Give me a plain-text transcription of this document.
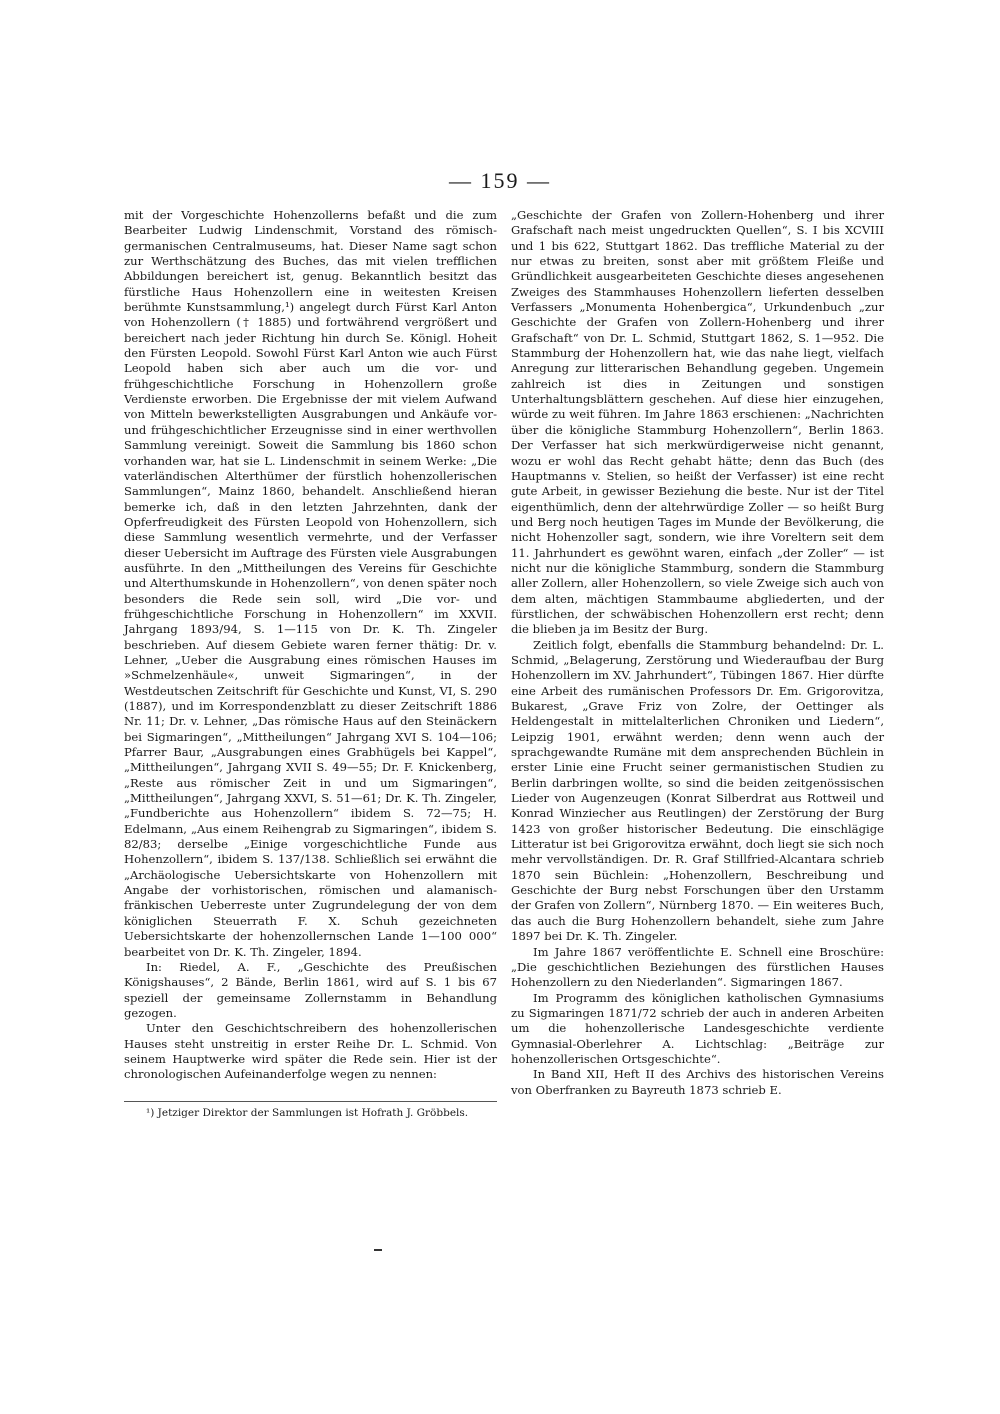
— 159 —

mit der Vorgeschichte Hohenzollerns befaßt und die zum Bearbeiter Ludwig Lindenschmit, Vorstand des römisch-germanischen Centralmuseums, hat. Dieser Name sagt schon zur Werthschätzung des Buches, das mit vielen trefflichen Abbildungen bereichert ist, genug. Bekanntlich besitzt das fürstliche Haus Hohenzollern eine in weitesten Kreisen berühmte Kunstsammlung,¹) angelegt durch Fürst Karl Anton von Hohenzollern († 1885) und fortwährend vergrößert und bereichert nach jeder Richtung hin durch Se. Königl. Hoheit den Fürsten Leopold. Sowohl Fürst Karl Anton wie auch Fürst Leopold haben sich aber auch um die vor- und frühgeschichtliche Forschung in Hohenzollern große Verdienste erworben. Die Ergebnisse der mit vielem Aufwand von Mitteln bewerkstelligten Ausgrabungen und Ankäufe vor- und frühgeschichtlicher Erzeugnisse sind in einer werthvollen Sammlung vereinigt. Soweit die Sammlung bis 1860 schon vorhanden war, hat sie L. Lindenschmit in seinem Werke: „Die vaterländischen Alterthümer der fürstlich hohenzollerischen Sammlungen“, Mainz 1860, behandelt. Anschließend hieran bemerke ich, daß in den letzten Jahrzehnten, dank der Opferfreudigkeit des Fürsten Leopold von Hohenzollern, sich diese Sammlung wesentlich vermehrte, und der Verfasser dieser Uebersicht im Auftrage des Fürsten viele Ausgrabungen ausführte. In den „Mittheilungen des Vereins für Geschichte und Alterthumskunde in Hohenzollern“, von denen später noch besonders die Rede sein soll, wird „Die vor- und frühgeschichtliche Forschung in Hohenzollern“ im XXVII. Jahrgang 1893/94, S. 1—115 von Dr. K. Th. Zingeler beschrieben. Auf diesem Gebiete waren ferner thätig: Dr. v. Lehner, „Ueber die Ausgrabung eines römischen Hauses im »Schmelzenhäule«, unweit Sigmaringen“, in der Westdeutschen Zeitschrift für Geschichte und Kunst, VI, S. 290 (1887), und im Korrespondenzblatt zu dieser Zeitschrift 1886 Nr. 11; Dr. v. Lehner, „Das römische Haus auf den Steinäckern bei Sigmaringen“, „Mittheilungen“ Jahrgang XVI S. 104—106; Pfarrer Baur, „Ausgrabungen eines Grabhügels bei Kappel“, „Mittheilungen“, Jahrgang XVII S. 49—55; Dr. F. Knickenberg, „Reste aus römischer Zeit in und um Sigmaringen“, „Mittheilungen“, Jahrgang XXVI, S. 51—61; Dr. K. Th. Zingeler, „Fundberichte aus Hohenzollern“ ibidem S. 72—75; H. Edelmann, „Aus einem Reihengrab zu Sigmaringen“, ibidem S. 82/83; derselbe „Einige vorgeschichtliche Funde aus Hohenzollern“, ibidem S. 137/138. Schließlich sei erwähnt die „Archäologische Uebersichtskarte von Hohenzollern mit Angabe der vorhistorischen, römischen und alamanisch-fränkischen Ueberreste unter Zugrundelegung der von dem königlichen Steuerrath F. X. Schuh gezeichneten Uebersichtskarte der hohenzollernschen Lande 1—100 000“ bearbeitet von Dr. K. Th. Zingeler, 1894.

In: Riedel, A. F., „Geschichte des Preußischen Königshauses“, 2 Bände, Berlin 1861, wird auf S. 1 bis 67 speziell der gemeinsame Zollernstamm in Behandlung gezogen.

Unter den Geschichtschreibern des hohenzollerischen Hauses steht unstreitig in erster Reihe Dr. L. Schmid. Von seinem Hauptwerke wird später die Rede sein. Hier ist der chronologischen Aufeinanderfolge wegen zu nennen:

¹) Jetziger Direktor der Sammlungen ist Hofrath J. Gröbbels.

„Geschichte der Grafen von Zollern-Hohenberg und ihrer Grafschaft nach meist ungedruckten Quellen“, S. I bis XCVIII und 1 bis 622, Stuttgart 1862. Das treffliche Material zu der nur etwas zu breiten, sonst aber mit größtem Fleiße und Gründlichkeit ausgearbeiteten Geschichte dieses angesehenen Zweiges des Stammhauses Hohenzollern lieferten desselben Verfassers „Monumenta Hohenbergica“, Urkundenbuch „zur Geschichte der Grafen von Zollern-Hohenberg und ihrer Grafschaft“ von Dr. L. Schmid, Stuttgart 1862, S. 1—952. Die Stammburg der Hohenzollern hat, wie das nahe liegt, vielfach Anregung zur litterarischen Behandlung gegeben. Ungemein zahlreich ist dies in Zeitungen und sonstigen Unterhaltungsblättern geschehen. Auf diese hier einzugehen, würde zu weit führen. Im Jahre 1863 erschienen: „Nachrichten über die königliche Stammburg Hohenzollern“, Berlin 1863. Der Verfasser hat sich merkwürdigerweise nicht genannt, wozu er wohl das Recht gehabt hätte; denn das Buch (des Hauptmanns v. Stelien, so heißt der Verfasser) ist eine recht gute Arbeit, in gewisser Beziehung die beste. Nur ist der Titel eigenthümlich, denn der altehrwürdige Zoller — so heißt Burg und Berg noch heutigen Tages im Munde der Bevölkerung, die nicht Hohenzoller sagt, sondern, wie ihre Voreltern seit dem 11. Jahrhundert es gewöhnt waren, einfach „der Zoller“ — ist nicht nur die königliche Stammburg, sondern die Stammburg aller Zollern, aller Hohenzollern, so viele Zweige sich auch von dem alten, mächtigen Stammbaume abgliederten, und der fürstlichen, der schwäbischen Hohenzollern erst recht; denn die blieben ja im Besitz der Burg.

Zeitlich folgt, ebenfalls die Stammburg behandelnd: Dr. L. Schmid, „Belagerung, Zerstörung und Wiederaufbau der Burg Hohenzollern im XV. Jahrhundert“, Tübingen 1867. Hier dürfte eine Arbeit des rumänischen Professors Dr. Em. Grigorovitza, Bukarest, „Grave Friz von Zolre, der Oettinger als Heldengestalt in mittelalterlichen Chroniken und Liedern“, Leipzig 1901, erwähnt werden; denn wenn auch der sprachgewandte Rumäne mit dem ansprechenden Büchlein in erster Linie eine Frucht seiner germanistischen Studien zu Berlin darbringen wollte, so sind die beiden zeitgenössischen Lieder von Augenzeugen (Konrat Silberdrat aus Rottweil und Konrad Winziecher aus Reutlingen) der Zerstörung der Burg 1423 von großer historischer Bedeutung. Die einschlägige Litteratur ist bei Grigorovitza erwähnt, doch liegt sie sich noch mehr vervollständigen. Dr. R. Graf Stillfried-Alcantara schrieb 1870 sein Büchlein: „Hohenzollern, Beschreibung und Geschichte der Burg nebst Forschungen über den Urstamm der Grafen von Zollern“, Nürnberg 1870. — Ein weiteres Buch, das auch die Burg Hohenzollern behandelt, siehe zum Jahre 1897 bei Dr. K. Th. Zingeler.

Im Jahre 1867 veröffentlichte E. Schnell eine Broschüre: „Die geschichtlichen Beziehungen des fürstlichen Hauses Hohenzollern zu den Niederlanden“. Sigmaringen 1867.

Im Programm des königlichen katholischen Gymnasiums zu Sigmaringen 1871/72 schrieb der auch in anderen Arbeiten um die hohenzollerische Landesgeschichte verdiente Gymnasial-Oberlehrer A. Lichtschlag: „Beiträge zur hohenzollerischen Ortsgeschichte“.

In Band XII, Heft II des Archivs des historischen Vereins von Oberfranken zu Bayreuth 1873 schrieb E.
